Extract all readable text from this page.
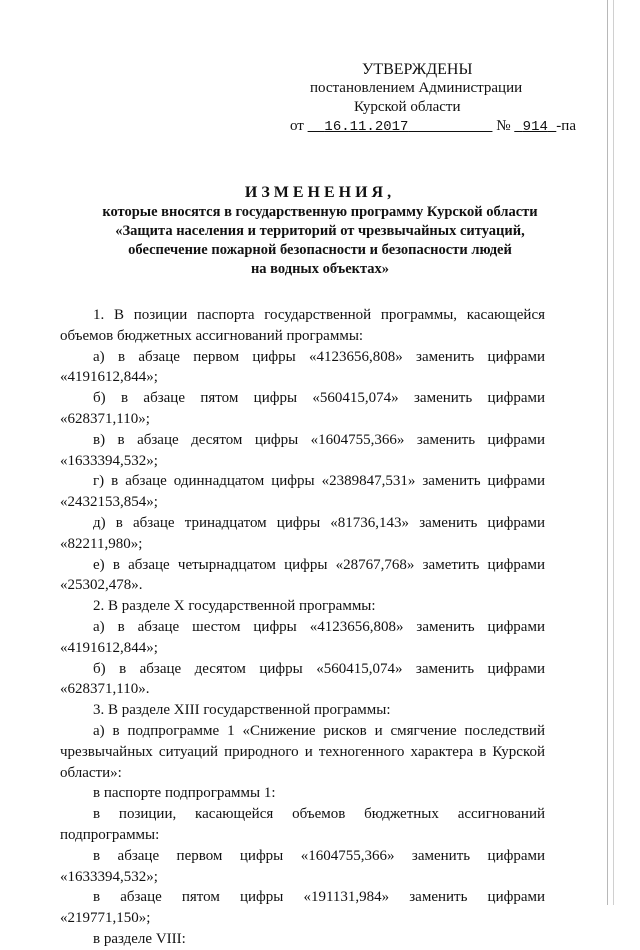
УТВЕРЖДЕНЫ
постановлением Администрации
Курской области
от 16.11.2017	№ 914 -па
ИЗМЕНЕНИЯ,
которые вносятся в государственную программу Курской области
«Защита населения и территорий от чрезвычайных ситуаций,
обеспечение пожарной безопасности и безопасности людей
на водных объектах»

1. В позиции паспорта государственной программы, касающейся

объемов бюджетных ассигнований программы:

а) в абзаце первом цифры «4123656,808» заменить цифрами

«4191612,844»;

б) в абзаце пятом цифры «560415,074» заменить цифрами

«628371,110»;

в) в абзаце десятом цифры «1604755,366» заменить цифрами

«1633394,532»;

г) в абзаце одиннадцатом цифры «2389847,531» заменить цифрами

«2432153,854»;

д) в абзаце тринадцатом цифры «81736,143» заменить цифрами

«82211,980»;

е) в абзаце четырнадцатом цифры «28767,768» заметить цифрами

«25302,478».

2. В разделе X государственной программы:

а) в абзаце шестом цифры «4123656,808» заменить цифрами

«4191612,844»;

б) в абзаце десятом цифры «560415,074» заменить цифрами

«628371,110».

3. В разделе XIII государственной программы:

а) в подпрограмме 1 «Снижение рисков и смягчение последствий

чрезвычайных ситуаций природного и техногенного характера в Курской

области»:

в паспорте подпрограммы 1:

в позиции, касающейся объемов бюджетных ассигнований

подпрограммы:

в абзаце первом цифры «1604755,366» заменить цифрами

«1633394,532»;

в абзаце пятом цифры «191131,984» заменить цифрами

«219771,150»;

в разделе VIII:
